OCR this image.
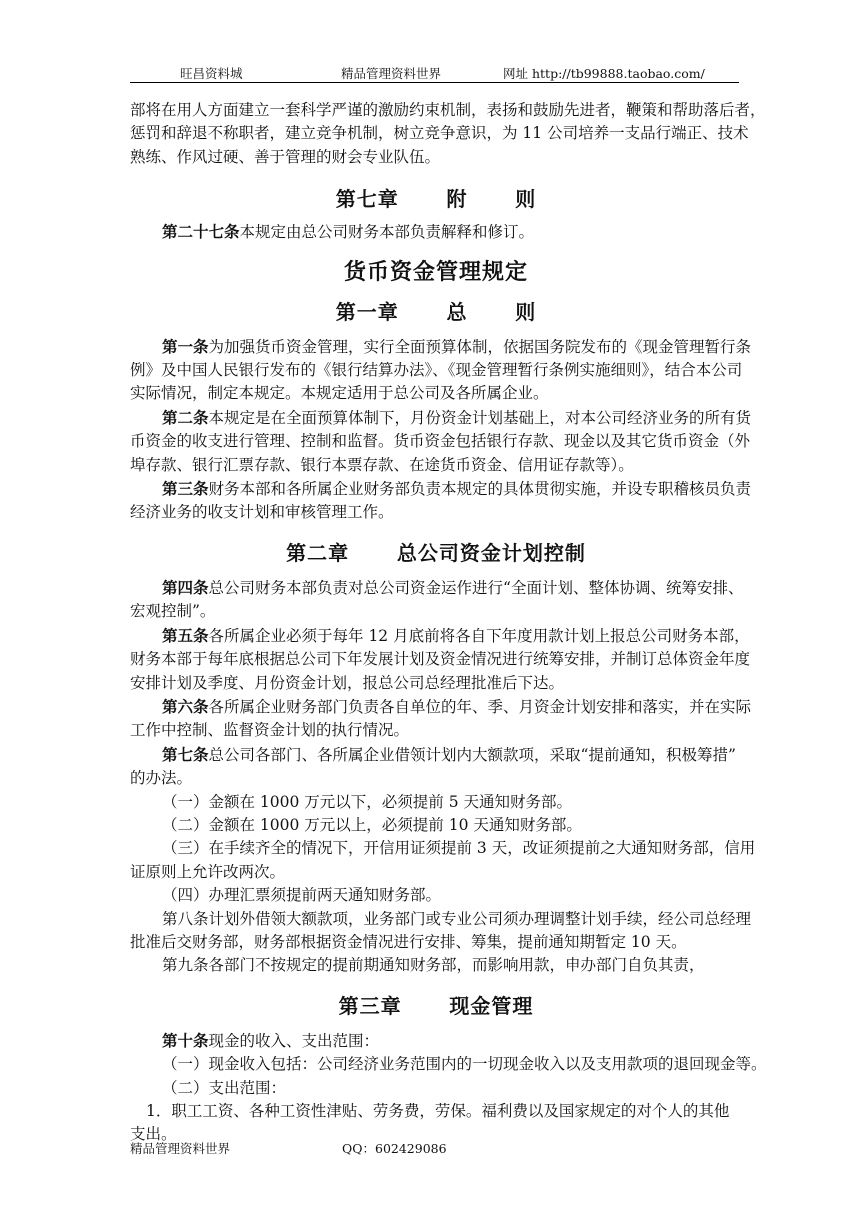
旺昌资料城	精品管理资料世界	网址 http://tb99888.taobao.com/

部将在用人方面建立一套科学严谨的激励约束机制，表扬和鼓励先进者，鞭策和帮助落后者，

惩罚和辞退不称职者，建立竞争机制，树立竞争意识，为 11 公司培养一支品行端正、技术

熟练、作风过硬、善于管理的财会专业队伍。

第七章      附      则

第二十七条本规定由总公司财务本部负责解释和修订。

货币资金管理规定
第一章      总      则

第一条为加强货币资金管理，实行全面预算体制，依据国务院发布的《现金管理暂行条

例》及中国人民银行发布的《银行结算办法》、《现金管理暂行条例实施细则》，结合本公司

实际情况，制定本规定。本规定适用于总公司及各所属企业。

第二条本规定是在全面预算体制下，月份资金计划基础上，对本公司经济业务的所有货

币资金的收支进行管理、控制和监督。货币资金包括银行存款、现金以及其它货币资金（外

埠存款、银行汇票存款、银行本票存款、在途货币资金、信用证存款等）。

第三条财务本部和各所属企业财务部负责本规定的具体贯彻实施，并设专职稽核员负责

经济业务的收支计划和审核管理工作。

第二章      总公司资金计划控制

第四条总公司财务本部负责对总公司资金运作进行“全面计划、整体协调、统筹安排、

宏观控制”。

第五条各所属企业必须于每年 12 月底前将各自下年度用款计划上报总公司财务本部，

财务本部于每年底根据总公司下年发展计划及资金情况进行统筹安排，并制订总体资金年度

安排计划及季度、月份资金计划，报总公司总经理批准后下达。

第六条各所属企业财务部门负责各自单位的年、季、月资金计划安排和落实，并在实际

工作中控制、监督资金计划的执行情况。

第七条总公司各部门、各所属企业借领计划内大额款项，采取“提前通知，积极筹措”

的办法。

（一）金额在 1000 万元以下，必须提前 5 天通知财务部。

（二）金额在 1000 万元以上，必须提前 10 天通知财务部。

（三）在手续齐全的情况下，开信用证须提前 3 天，改证须提前之大通知财务部，信用

证原则上允许改两次。

（四）办理汇票须提前两天通知财务部。

第八条计划外借领大额款项，业务部门或专业公司须办理调整计划手续，经公司总经理

批准后交财务部，财务部根据资金情况进行安排、筹集，提前通知期暂定 10 天。

第九条各部门不按规定的提前期通知财务部，而影响用款，申办部门自负其责，

第三章      现金管理

第十条现金的收入、支出范围：

（一）现金收入包括：公司经济业务范围内的一切现金收入以及支用款项的退回现金等。

（二）支出范围：

1．职工工资、各种工资性津贴、劳务费，劳保。福利费以及国家规定的对个人的其他

支出。

精品管理资料世界	QQ：602429086
